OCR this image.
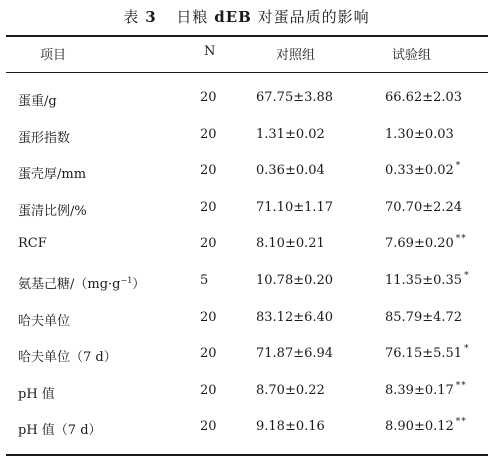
表 3 日粮 dEB 对蛋品质的影响
项目	N	对照组	试验组
蛋重/g	20	67.75±3.88	66.62±2.03
蛋形指数	20	1.31±0.02	1.30±0.03
蛋壳厚/mm	20	0.36±0.04	0.33±0.02 *
蛋清比例/%	20	71.10±1.17	70.70±2.24
RCF	20	8.10±0.21	7.69±0.20 **
氨基己糖$/(mg\cdot g^{-1})$	5	10.78±0.20	11.35±0.35 *
哈夫单位	20	83.12±6.40	85.79±4.72
哈夫单位（7 d）	20	71.87±6.94	76.15±5.51 *
pH 值	20	8.70±0.22	8.39±0.17 **
pH 值（7 d）	20	9.18±0.16	8.90±0.12 **
